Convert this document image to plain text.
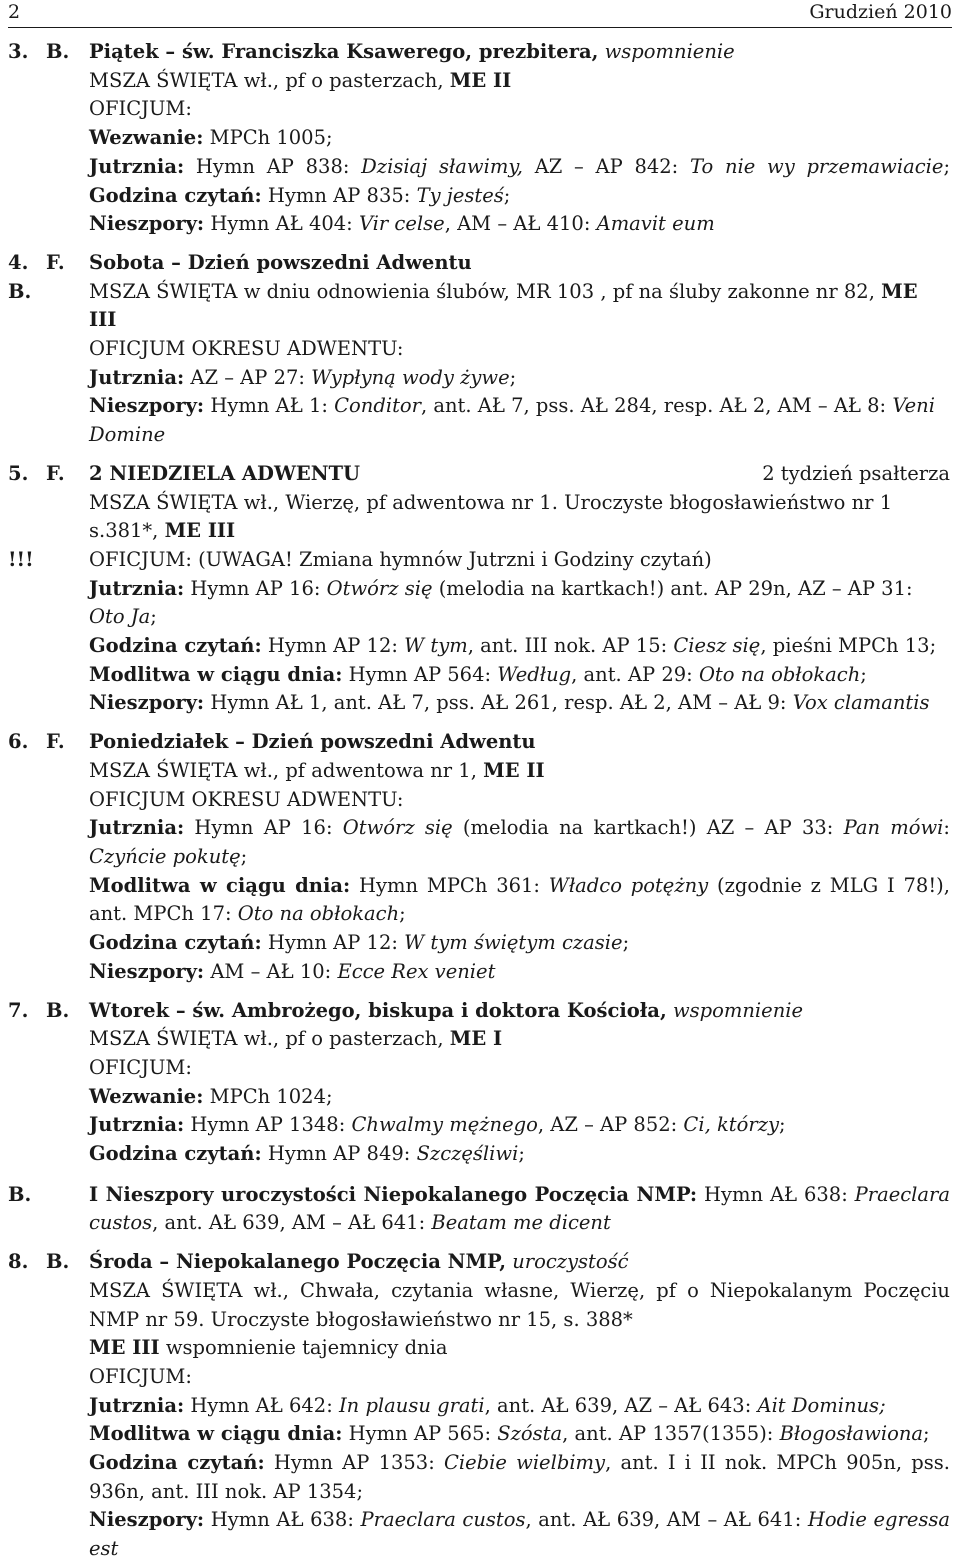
2	Grudzień 2010
3. B. Piątek – św. Franciszka Ksawerego, prezbitera, wspomnienie
MSZA ŚWIĘTA wł., pf o pasterzach, ME II
OFICJUM:
Wezwanie: MPCh 1005;
Jutrznia: Hymn AP 838: Dzisiaj sławimy, AZ – AP 842: To nie wy przemawiacie;
Godzina czytań: Hymn AP 835: Ty jesteś;
Nieszpory: Hymn AŁ 404: Vir celse, AM – AŁ 410: Amavit eum
4. F. Sobota – Dzień powszedni Adwentu
B.	MSZA ŚWIĘTA w dniu odnowienia ślubów, MR 103 , pf na śluby zakonne nr 82, ME III
OFICJUM OKRESU ADWENTU:
Jutrznia: AZ – AP 27: Wypłyną wody żywe;
Nieszpory: Hymn AŁ 1: Conditor, ant. AŁ 7, pss. AŁ 284, resp. AŁ 2, AM – AŁ 8: Veni Domine
5. F. 2 NIEDZIELA ADWENTU	2 tydzień psałterza
MSZA ŚWIĘTA wł., Wierzę, pf adwentowa nr 1. Uroczyste błogosławieństwo nr 1
s.381*, ME III
!!!	OFICJUM: (UWAGA! Zmiana hymnów Jutrzni i Godziny czytań)
Jutrznia: Hymn AP 16: Otwórz się (melodia na kartkach!) ant. AP 29n, AZ – AP 31: Oto Ja;
Godzina czytań: Hymn AP 12: W tym, ant. III nok. AP 15: Ciesz się, pieśni MPCh 13;
Modlitwa w ciągu dnia: Hymn AP 564: Według, ant. AP 29: Oto na obłokach;
Nieszpory: Hymn AŁ 1, ant. AŁ 7, pss. AŁ 261, resp. AŁ 2, AM – AŁ 9: Vox clamantis
6. F. Poniedziałek – Dzień powszedni Adwentu
MSZA ŚWIĘTA wł., pf adwentowa nr 1, ME II
OFICJUM OKRESU ADWENTU:
Jutrznia: Hymn AP 16: Otwórz się (melodia na kartkach!) AZ – AP 33: Pan mówi:
Czyńcie pokutę;
Modlitwa w ciągu dnia: Hymn MPCh 361: Władco potężny (zgodnie z MLG I 78!),
ant. MPCh 17: Oto na obłokach;
Godzina czytań: Hymn AP 12: W tym świętym czasie;
Nieszpory: AM – AŁ 10: Ecce Rex veniet
7. B. Wtorek – św. Ambrożego, biskupa i doktora Kościoła, wspomnienie
MSZA ŚWIĘTA wł., pf o pasterzach, ME I
OFICJUM:
Wezwanie: MPCh 1024;
Jutrznia: Hymn AP 1348: Chwalmy mężnego, AZ – AP 852: Ci, którzy;
Godzina czytań: Hymn AP 849: Szczęśliwi;
B.	I Nieszpory uroczystości Niepokalanego Poczęcia NMP: Hymn AŁ 638: Praeclara
custos, ant. AŁ 639, AM – AŁ 641: Beatam me dicent
8. B. Środa – Niepokalanego Poczęcia NMP, uroczystość
MSZA ŚWIĘTA wł., Chwała, czytania własne, Wierzę, pf o Niepokalanym Poczęciu
NMP nr 59. Uroczyste błogosławieństwo nr 15, s. 388*
ME III wspomnienie tajemnicy dnia
OFICJUM:
Jutrznia: Hymn AŁ 642: In plausu grati, ant. AŁ 639, AZ – AŁ 643: Ait Dominus;
Modlitwa w ciągu dnia: Hymn AP 565: Szósta, ant. AP 1357(1355): Błogosławiona;
Godzina czytań: Hymn AP 1353: Ciebie wielbimy, ant. I i II nok. MPCh 905n, pss.
936n, ant. III nok. AP 1354;
Nieszpory: Hymn AŁ 638: Praeclara custos, ant. AŁ 639, AM – AŁ 641: Hodie egressa est
